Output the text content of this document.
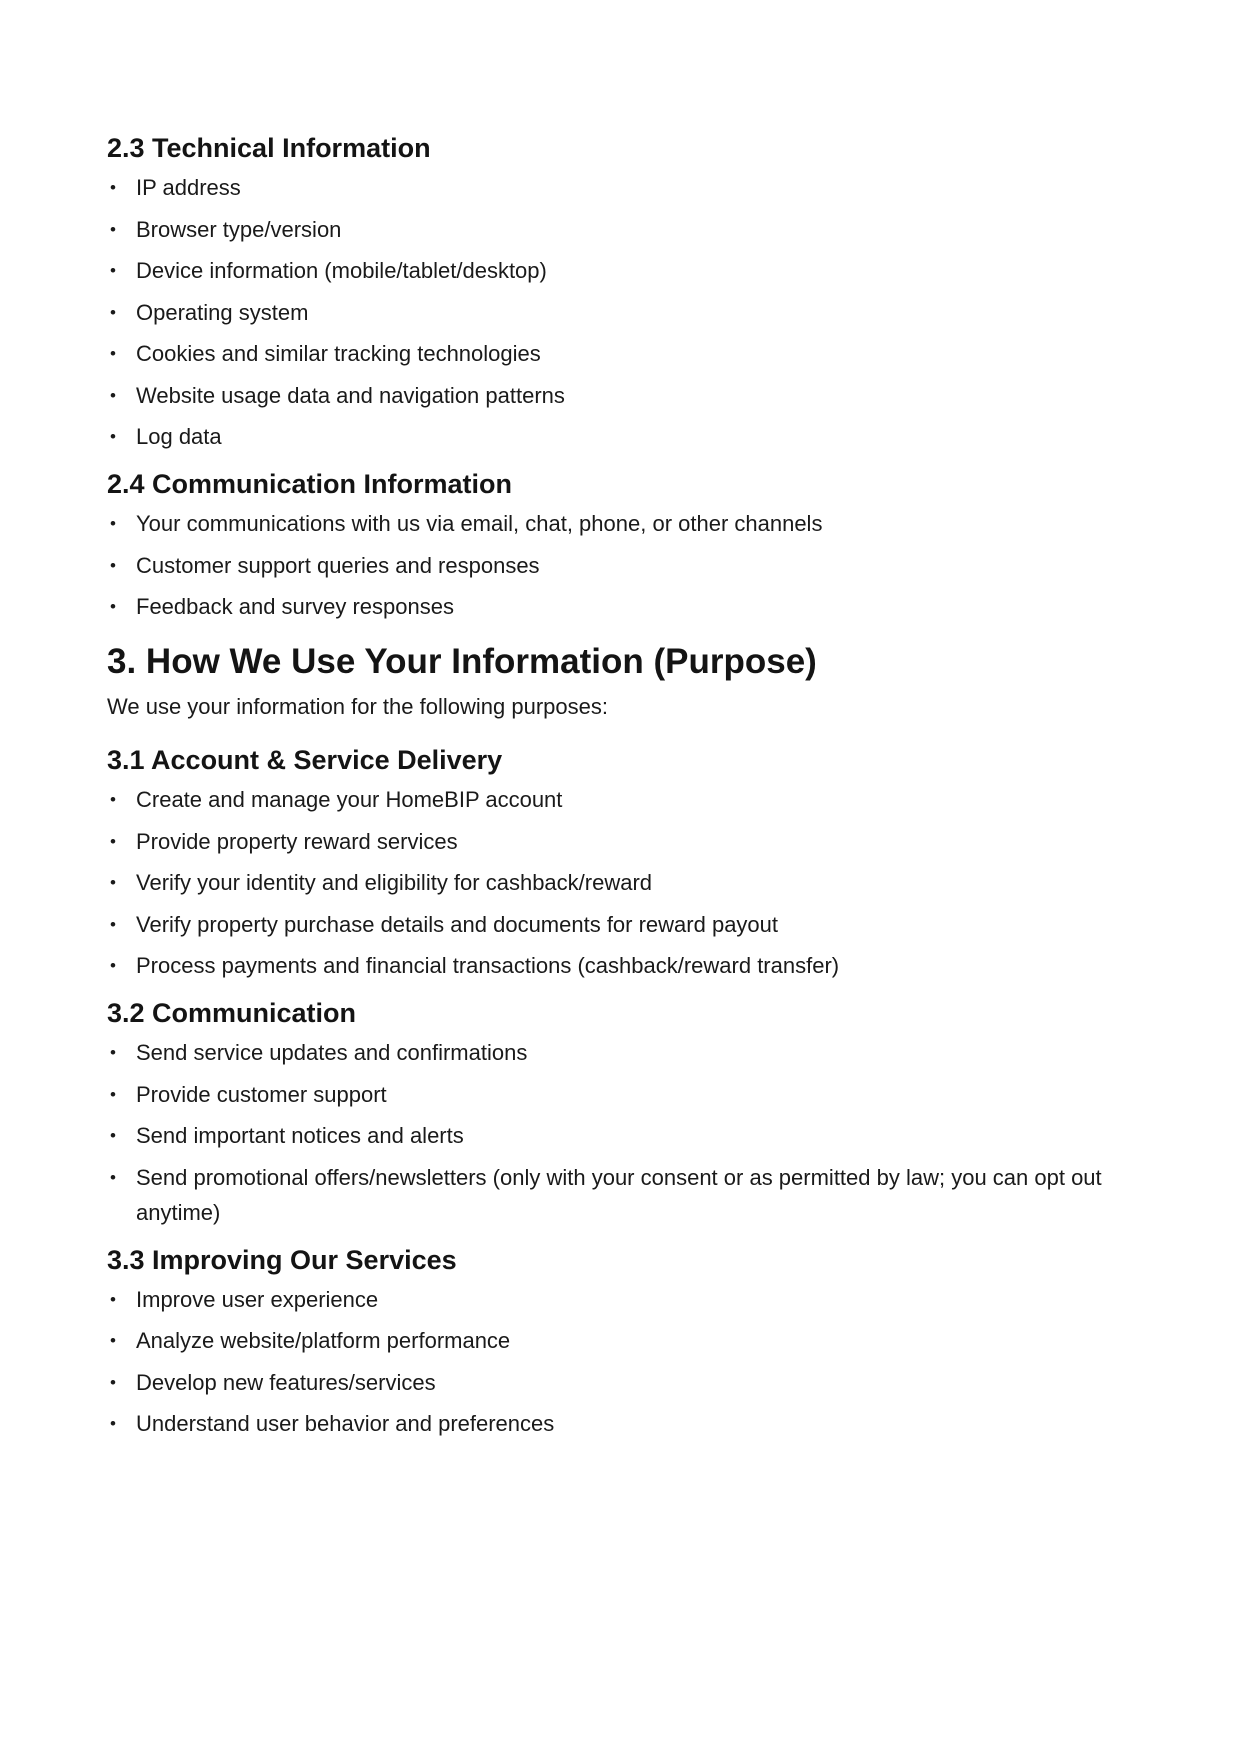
2.3 Technical Information
• IP address
• Browser type/version
• Device information (mobile/tablet/desktop)
• Operating system
• Cookies and similar tracking technologies
• Website usage data and navigation patterns
• Log data
2.4 Communication Information
• Your communications with us via email, chat, phone, or other channels
• Customer support queries and responses
• Feedback and survey responses
3. How We Use Your Information (Purpose)

We use your information for the following purposes:

3.1 Account & Service Delivery
• Create and manage your HomeBIP account
• Provide property reward services
• Verify your identity and eligibility for cashback/reward
• Verify property purchase details and documents for reward payout
• Process payments and financial transactions (cashback/reward transfer)
3.2 Communication
• Send service updates and confirmations
• Provide customer support
• Send important notices and alerts
• Send promotional offers/newsletters (only with your consent or as permitted by law; you can opt out anytime)
3.3 Improving Our Services
• Improve user experience
• Analyze website/platform performance
• Develop new features/services
• Understand user behavior and preferences
